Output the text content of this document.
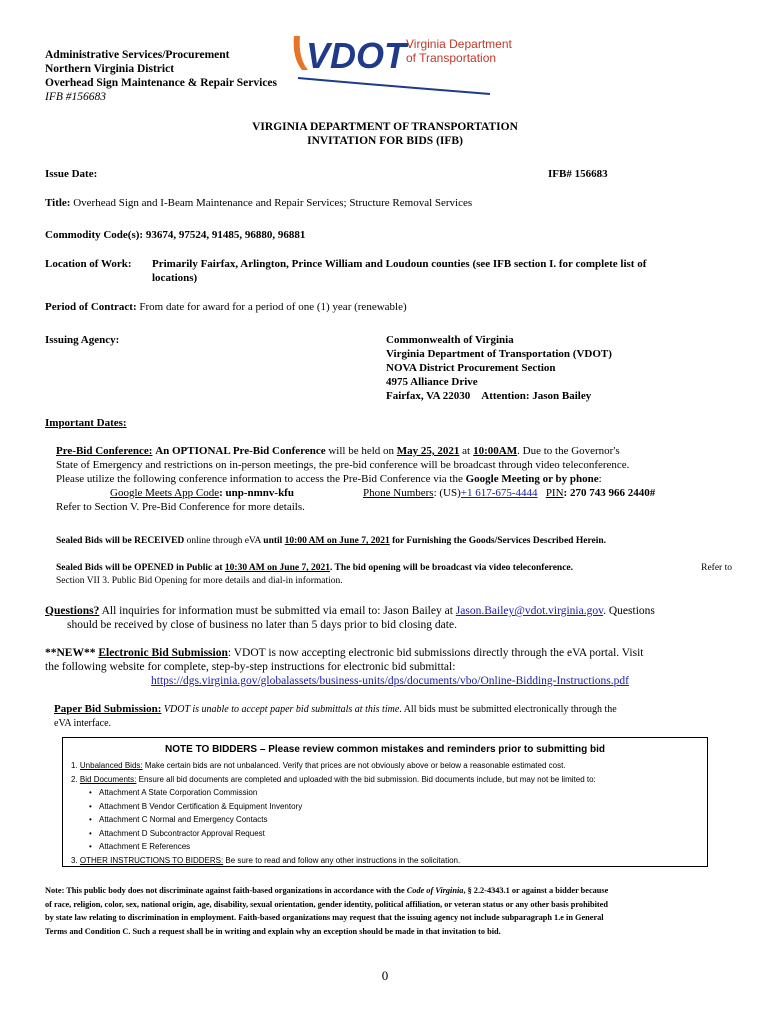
Administrative Services/Procurement
Northern Virginia District
Overhead Sign Maintenance & Repair Services
IFB #156683
VDOT Virginia Department
of Transportation
VIRGINIA DEPARTMENT OF TRANSPORTATION
INVITATION FOR BIDS (IFB)
Issue Date:	IFB# 156683
Title: Overhead Sign and I-Beam Maintenance and Repair Services; Structure Removal Services
Commodity Code(s): 93674, 97524, 91485, 96880, 96881
Location of Work: Primarily Fairfax, Arlington, Prince William and Loudoun counties (see IFB section I. for complete list of
locations)
Period of Contract: From date for award for a period of one (1) year (renewable)
Issuing Agency:	Commonwealth of Virginia
Virginia Department of Transportation (VDOT)
NOVA District Procurement Section
4975 Alliance Drive
Fairfax, VA 22030 Attention: Jason Bailey
Important Dates:
Pre-Bid Conference: An OPTIONAL Pre-Bid Conference will be held on May 25, 2021 at 10:00AM. Due to the Governor's
State of Emergency and restrictions on in-person meetings, the pre-bid conference will be broadcast through video teleconference.
Please utilize the following conference information to access the Pre-Bid Conference via the Google Meeting or by phone:
Google Meets App Code: unp-nmnv-kfu	Phone Numbers: (US)+1 617-675-4444 PIN: 270 743 966 2440#
Refer to Section V. Pre-Bid Conference for more details.
Sealed Bids will be RECEIVED online through eVA until 10:00 AM on June 7, 2021 for Furnishing the Goods/Services Described Herein.
Sealed Bids will be OPENED in Public at 10:30 AM on June 7, 2021. The bid opening will be broadcast via video teleconference.	Refer to
Section VII 3. Public Bid Opening for more details and dial-in information.
Questions? All inquiries for information must be submitted via email to: Jason Bailey at Jason.Bailey@vdot.virginia.gov. Questions
should be received by close of business no later than 5 days prior to bid closing date.
**NEW** Electronic Bid Submission: VDOT is now accepting electronic bid submissions directly through the eVA portal. Visit
the following website for complete, step-by-step instructions for electronic bid submittal:
https://dgs.virginia.gov/globalassets/business-units/dps/documents/vbo/Online-Bidding-Instructions.pdf
Paper Bid Submission: VDOT is unable to accept paper bid submittals at this time. All bids must be submitted electronically through the
eVA interface.
NOTE TO BIDDERS – Please review common mistakes and reminders prior to submitting bid
1. Unbalanced Bids: Make certain bids are not unbalanced. Verify that prices are not obviously above or below a reasonable estimated cost.
2. Bid Documents: Ensure all bid documents are completed and uploaded with the bid submission. Bid documents include, but may not be limited to:
• Attachment A State Corporation Commission
• Attachment B Vendor Certification & Equipment Inventory
• Attachment C Normal and Emergency Contacts
• Attachment D Subcontractor Approval Request
• Attachment E References
3. OTHER INSTRUCTIONS TO BIDDERS: Be sure to read and follow any other instructions in the solicitation.
Note: This public body does not discriminate against faith-based organizations in accordance with the Code of Virginia, § 2.2-4343.1 or against a bidder because
of race, religion, color, sex, national origin, age, disability, sexual orientation, gender identity, political affiliation, or veteran status or any other basis prohibited
by state law relating to discrimination in employment. Faith-based organizations may request that the issuing agency not include subparagraph 1.e in General
Terms and Condition C. Such a request shall be in writing and explain why an exception should be made in that invitation to bid.
0
